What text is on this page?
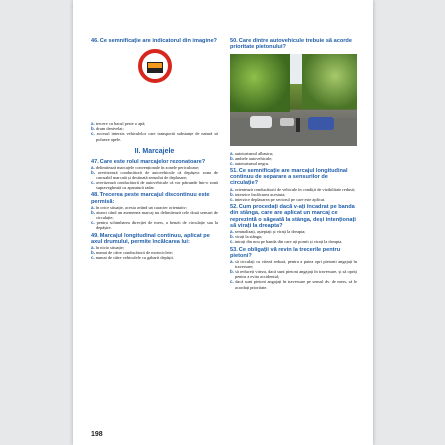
46.Ce semnificație are indicatorul din imagine?
a. trecere cu bacul peste o apă;
b. drum denivelat;
c. accesul interzis vehiculelor care transportă substanțe de natură să polueze apele.
II. Marcajele
47.Care este rolul marcajelor rezonatoare?
a. delimitează marcajele convenționale în zonele periculoase;
b. avertizează conducătorii de autovehicule că depășesc zona de carosabil marcată și destinată sensului de deplasare;
c. avertizează conducătorii de autovehicule că vor pătrunde într-o zonă supravegheată cu aparatură radar.
48.Trecerea peste marcajul discontinuu este permisă:
a. în orice situație, acesta având un caracter orientativ;
b. atunci când un asemenea marcaj nu delimitează cele două sensuri de circulație;
c. pentru schimbarea direcției de mers, a benzii de circulație sau la depășire.
49.Marcajul longitudinal continuu, aplicat pe axul drumului, permite încălcarea lui:
a. în nicio situație;
b. numai de către conducătorii de motociclete;
c. numai de către vehiculele cu gabarit depășit.
50.Care dintre autovehicule trebuie să acorde prioritate pietonului?
a. autoturismul albastru;
b. ambele autovehicule;
c. autoturismul negru.
51.Ce semnificație are marcajul longitudinal continuu de separare a sensurilor de circulație?
a. orientează conducătorii de vehicule în condiții de vizibilitate redusă;
b. interzice încălcarea acestuia;
c. interzice deplasarea pe sectorul pe care este aplicat.
52.Cum procedați dacă v-ați încadrat pe banda din stânga, care are aplicat un marcaj ce reprezintă o săgeată la stânga, deși intenționați să virați la dreapta?
a. semnalizați, așteptați și virați la dreapta;
b. virați la stânga;
c. intrați din nou pe banda din care ați pornit și virați la dreapta.
53.Ce obligații vă revin la trecerile pentru pietoni?
a. să circulați cu viteză redusă, pentru a putea opri pietonii angajați în traversare;
b. să reduceți viteza, dacă sunt pietoni angajați în traversare, și să opriți pentru a evita accidentul;
c. dacă sunt pietoni angajați în traversare pe sensul dv. de mers, să le acordați prioritate.
198
